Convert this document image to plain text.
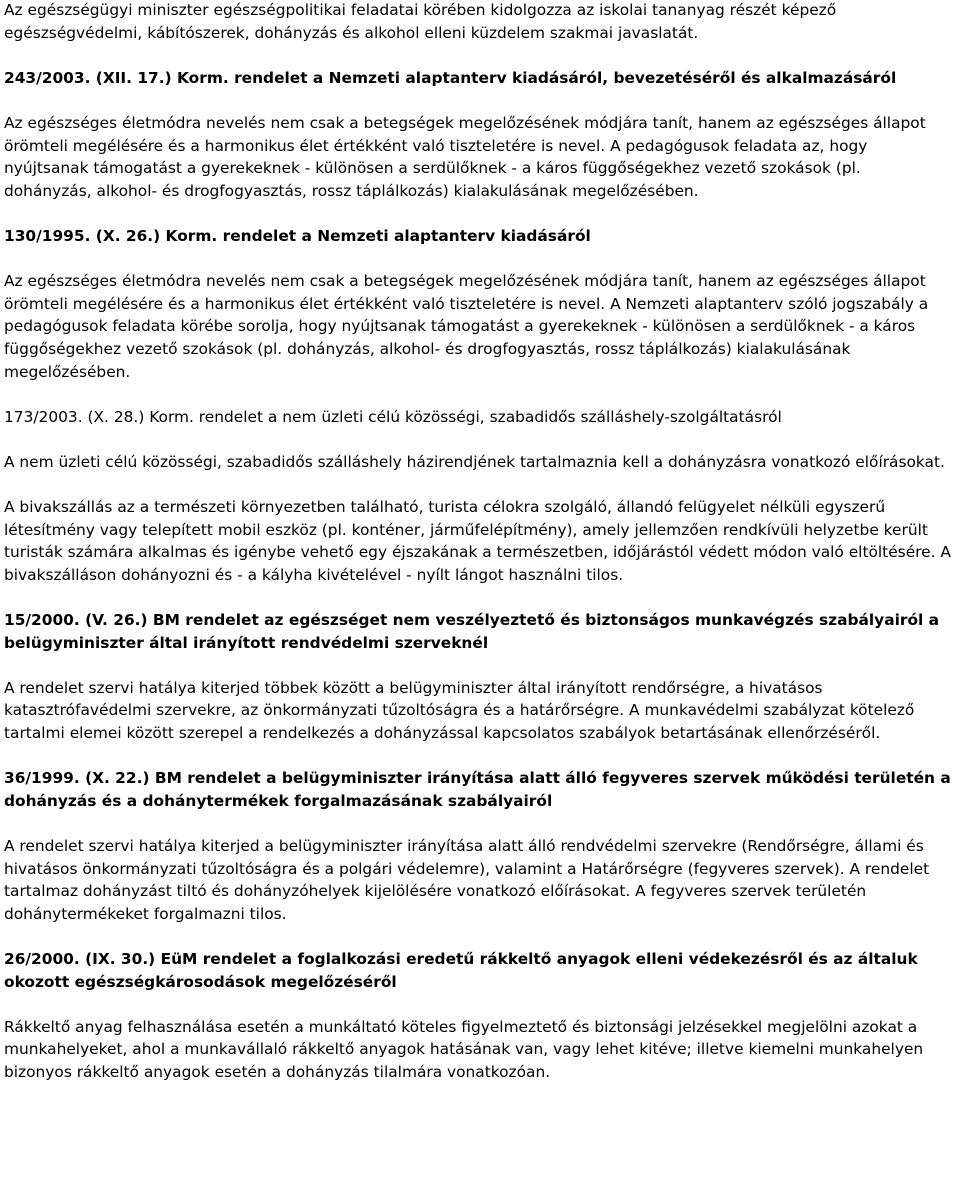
Az egészségügyi miniszter egészségpolitikai feladatai körében kidolgozza az iskolai tananyag részét képező egészségvédelmi, kábítószerek, dohányzás és alkohol elleni küzdelem szakmai javaslatát.

243/2003. (XII. 17.) Korm. rendelet a Nemzeti alaptanterv kiadásáról, bevezetéséről és alkalmazásáról

Az egészséges életmódra nevelés nem csak a betegségek megelőzésének módjára tanít, hanem az egészséges állapot örömteli megélésére és a harmonikus élet értékként való tiszteletére is nevel. A pedagógusok feladata az, hogy nyújtsanak támogatást a gyerekeknek - különösen a serdülőknek - a káros függőségekhez vezető szokások (pl. dohányzás, alkohol- és drogfogyasztás, rossz táplálkozás) kialakulásának megelőzésében.

130/1995. (X. 26.) Korm. rendelet a Nemzeti alaptanterv kiadásáról

Az egészséges életmódra nevelés nem csak a betegségek megelőzésének módjára tanít, hanem az egészséges állapot örömteli megélésére és a harmonikus élet értékként való tiszteletére is nevel. A Nemzeti alaptanterv szóló jogszabály a pedagógusok feladata körébe sorolja, hogy nyújtsanak támogatást a gyerekeknek - különösen a serdülőknek - a káros függőségekhez vezető szokások (pl. dohányzás, alkohol- és drogfogyasztás, rossz táplálkozás) kialakulásának megelőzésében.

173/2003. (X. 28.) Korm. rendelet a nem üzleti célú közösségi, szabadidős szálláshely-szolgáltatásról

A nem üzleti célú közösségi, szabadidős szálláshely házirendjének tartalmaznia kell a dohányzásra vonatkozó előírásokat.

A bivakszállás az a természeti környezetben található, turista célokra szolgáló, állandó felügyelet nélküli egyszerű létesítmény vagy telepített mobil eszköz (pl. konténer, járműfelépítmény), amely jellemzően rendkívüli helyzetbe került turisták számára alkalmas és igénybe vehető egy éjszakának a természetben, időjárástól védett módon való eltöltésére. A bivakszálláson dohányozni és - a kályha kivételével - nyílt lángot használni tilos.

15/2000. (V. 26.) BM rendelet az egészséget nem veszélyeztető és biztonságos munkavégzés szabályairól a belügyminiszter által irányított rendvédelmi szerveknél

A rendelet szervi hatálya kiterjed többek között a belügyminiszter által irányított rendőrségre, a hivatásos katasztrófavédelmi szervekre, az önkormányzati tűzoltóságra és a határőrségre. A munkavédelmi szabályzat kötelező tartalmi elemei között szerepel a rendelkezés a dohányzással kapcsolatos szabályok betartásának ellenőrzéséről.

36/1999. (X. 22.) BM rendelet a belügyminiszter irányítása alatt álló fegyveres szervek működési területén a dohányzás és a dohánytermékek forgalmazásának szabályairól

A rendelet szervi hatálya kiterjed a belügyminiszter irányítása alatt álló rendvédelmi szervekre (Rendőrségre, állami és hivatásos önkormányzati tűzoltóságra és a polgári védelemre), valamint a Határőrségre (fegyveres szervek). A rendelet tartalmaz dohányzást tiltó és dohányzóhelyek kijelölésére vonatkozó előírásokat. A fegyveres szervek területén dohánytermékeket forgalmazni tilos.

26/2000. (IX. 30.) EüM rendelet a foglalkozási eredetű rákkeltő anyagok elleni védekezésről és az általuk okozott egészségkárosodások megelőzéséről

Rákkeltő anyag felhasználása esetén a munkáltató köteles figyelmeztető és biztonsági jelzésekkel megjelölni azokat a munkahelyeket, ahol a munkavállaló rákkeltő anyagok hatásának van, vagy lehet kitéve; illetve kiemelni munkahelyen bizonyos rákkeltő anyagok esetén a dohányzás tilalmára vonatkozóan.
